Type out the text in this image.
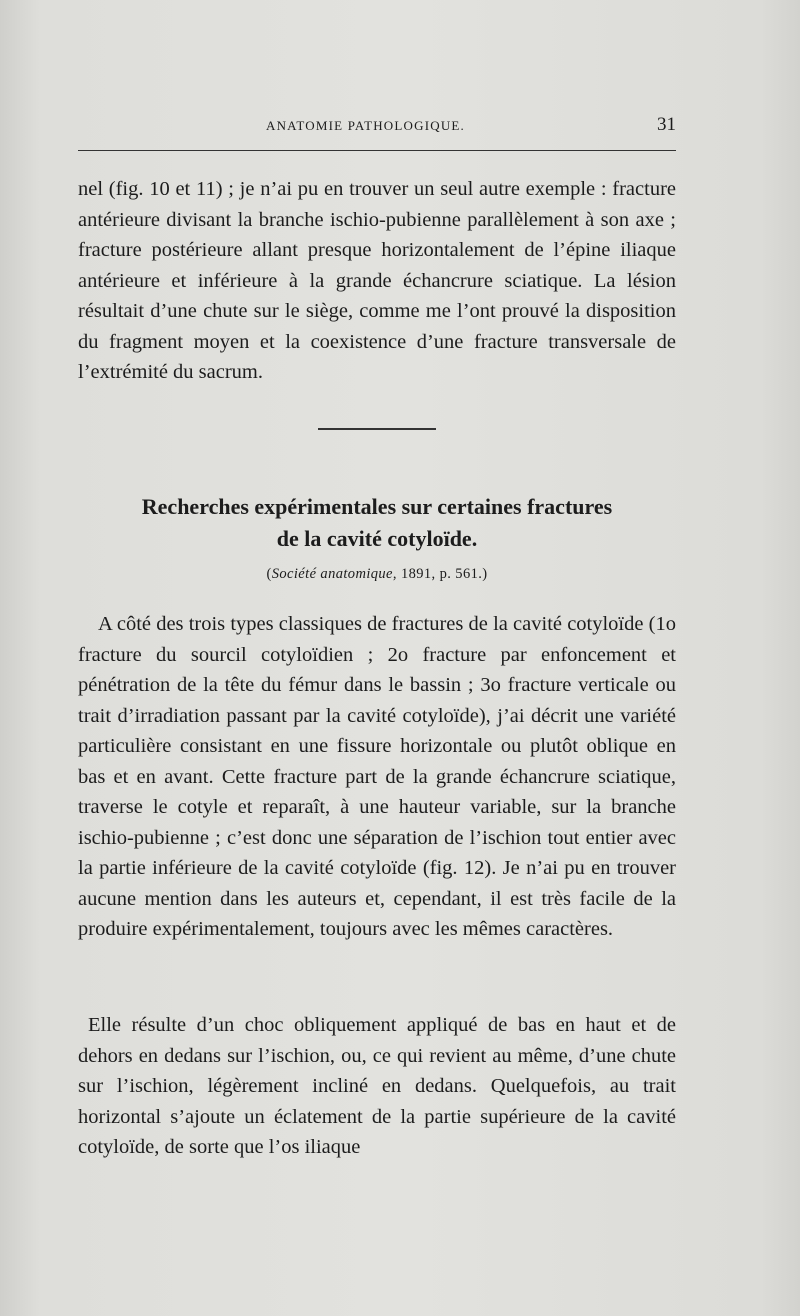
ANATOMIE PATHOLOGIQUE.	31

nel (fig. 10 et 11) ; je n’ai pu en trouver un seul autre exemple : fracture antérieure divisant la branche ischio-pubienne parallèlement à son axe ; fracture postérieure allant presque horizontalement de l’épine iliaque antérieure et inférieure à la grande échancrure sciatique. La lésion résultait d’une chute sur le siège, comme me l’ont prouvé la disposition du fragment moyen et la coexistence d’une fracture transversale de l’extrémité du sacrum.

Recherches expérimentales sur certaines fractures
de la cavité cotyloïde.
(Société anatomique, 1891, p. 561.)

A côté des trois types classiques de fractures de la cavité cotyloïde (1o fracture du sourcil cotyloïdien ; 2o fracture par enfoncement et pénétration de la tête du fémur dans le bassin ; 3o fracture verticale ou trait d’irradiation passant par la cavité cotyloïde), j’ai décrit une variété particulière consistant en une fissure horizontale ou plutôt oblique en bas et en avant. Cette fracture part de la grande échancrure sciatique, traverse le cotyle et reparaît, à une hauteur variable, sur la branche ischio-pubienne ; c’est donc une séparation de l’ischion tout entier avec la partie inférieure de la cavité cotyloïde (fig. 12). Je n’ai pu en trouver aucune mention dans les auteurs et, cependant, il est très facile de la produire expérimentalement, toujours avec les mêmes caractères.

Elle résulte d’un choc obliquement appliqué de bas en haut et de dehors en dedans sur l’ischion, ou, ce qui revient au même, d’une chute sur l’ischion, légèrement incliné en dedans. Quelquefois, au trait horizontal s’ajoute un éclatement de la partie supérieure de la cavité cotyloïde, de sorte que l’os iliaque
